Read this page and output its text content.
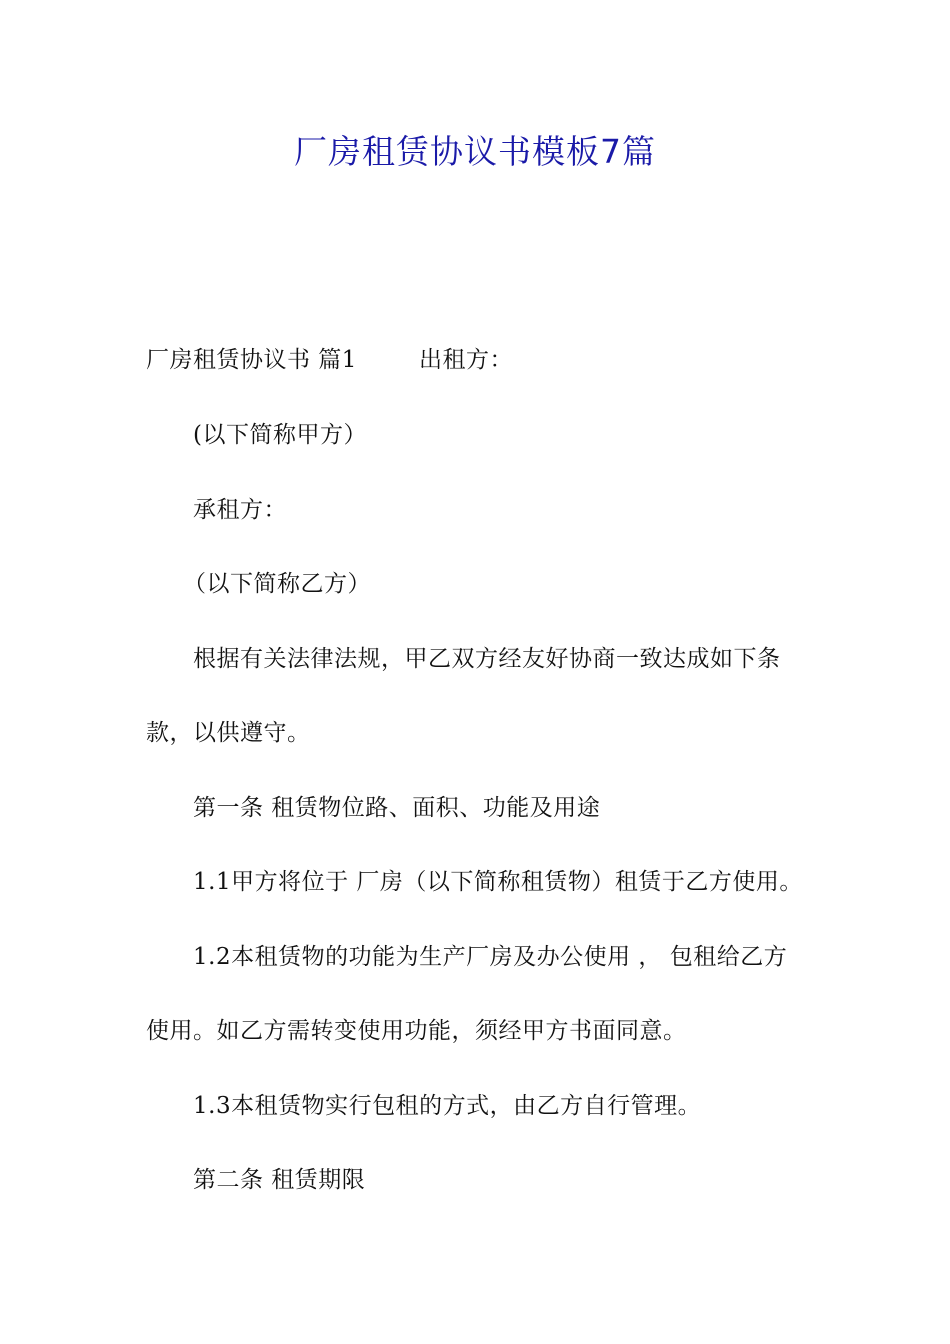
厂房租赁协议书模板7篇
厂房租赁协议书 篇1	出租方：
(以下简称甲方）
承租方：
（以下简称乙方）
根据有关法律法规，甲乙双方经友好协商一致达成如下条
款，以供遵守。
第一条 租赁物位路、面积、功能及用途
1.1甲方将位于 厂房（以下简称租赁物）租赁于乙方使用。
1.2本租赁物的功能为生产厂房及办公使用 ， 包租给乙方
使用。如乙方需转变使用功能，须经甲方书面同意。
1.3本租赁物实行包租的方式，由乙方自行管理。
第二条 租赁期限
